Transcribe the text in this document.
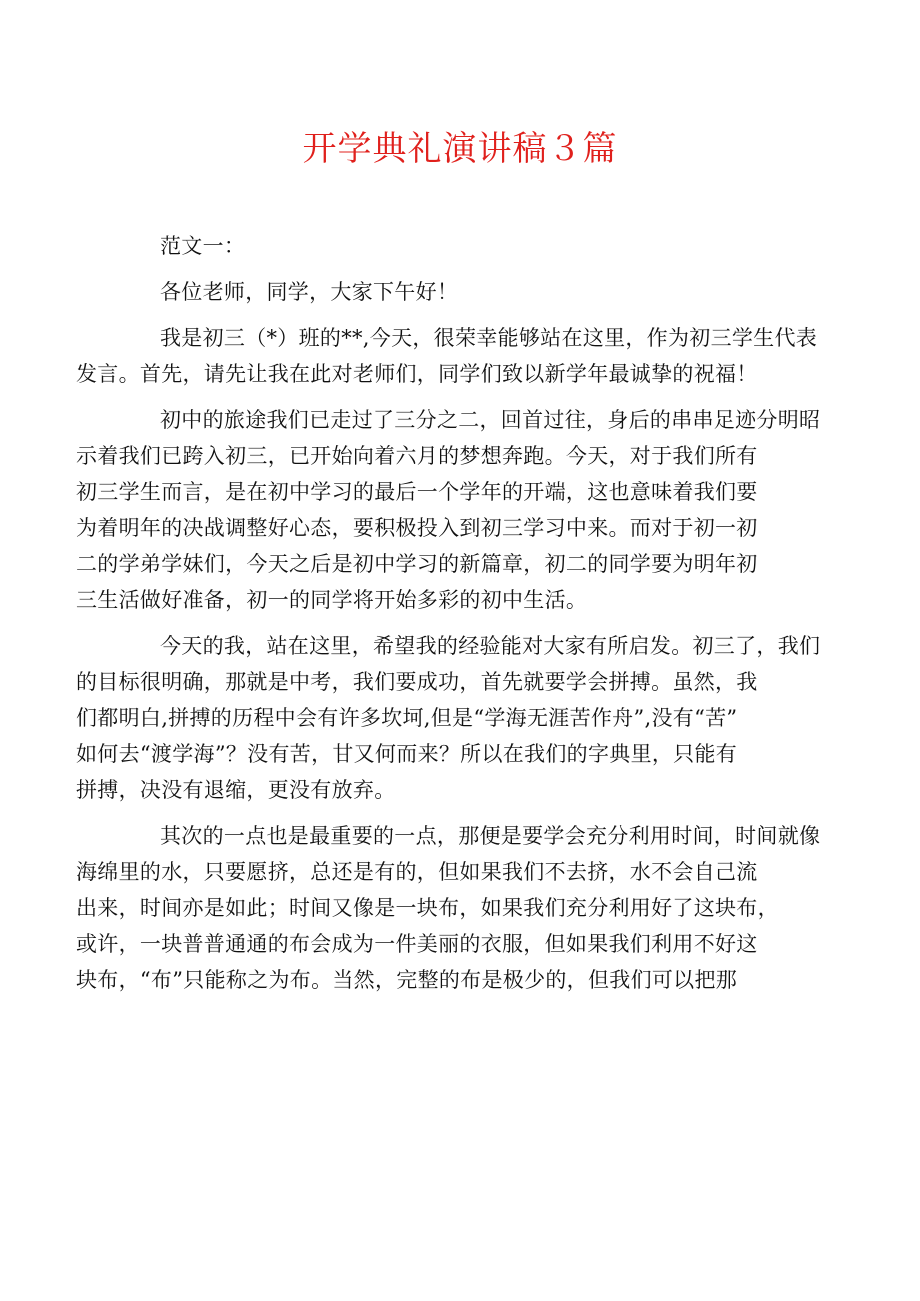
开学典礼演讲稿３篇
范文一：
各位老师，同学，大家下午好！
我是初三（*）班的**,今天，很荣幸能够站在这里，作为初三学生代表
发言。首先，请先让我在此对老师们，同学们致以新学年最诚挚的祝福！
初中的旅途我们已走过了三分之二，回首过往，身后的串串足迹分明昭
示着我们已跨入初三，已开始向着六月的梦想奔跑。今天，对于我们所有
初三学生而言，是在初中学习的最后一个学年的开端，这也意味着我们要
为着明年的决战调整好心态，要积极投入到初三学习中来。而对于初一初
二的学弟学妹们，今天之后是初中学习的新篇章，初二的同学要为明年初
三生活做好准备，初一的同学将开始多彩的初中生活。
今天的我，站在这里，希望我的经验能对大家有所启发。初三了，我们
的目标很明确，那就是中考，我们要成功，首先就要学会拼搏。虽然，我
们都明白,拼搏的历程中会有许多坎坷,但是“学海无涯苦作舟”,没有“苦”
如何去“渡学海”？没有苦，甘又何而来？所以在我们的字典里，只能有
拼搏，决没有退缩，更没有放弃。
其次的一点也是最重要的一点，那便是要学会充分利用时间，时间就像
海绵里的水，只要愿挤，总还是有的，但如果我们不去挤，水不会自己流
出来，时间亦是如此；时间又像是一块布，如果我们充分利用好了这块布，
或许，一块普普通通的布会成为一件美丽的衣服，但如果我们利用不好这
块布，“布”只能称之为布。当然，完整的布是极少的，但我们可以把那
